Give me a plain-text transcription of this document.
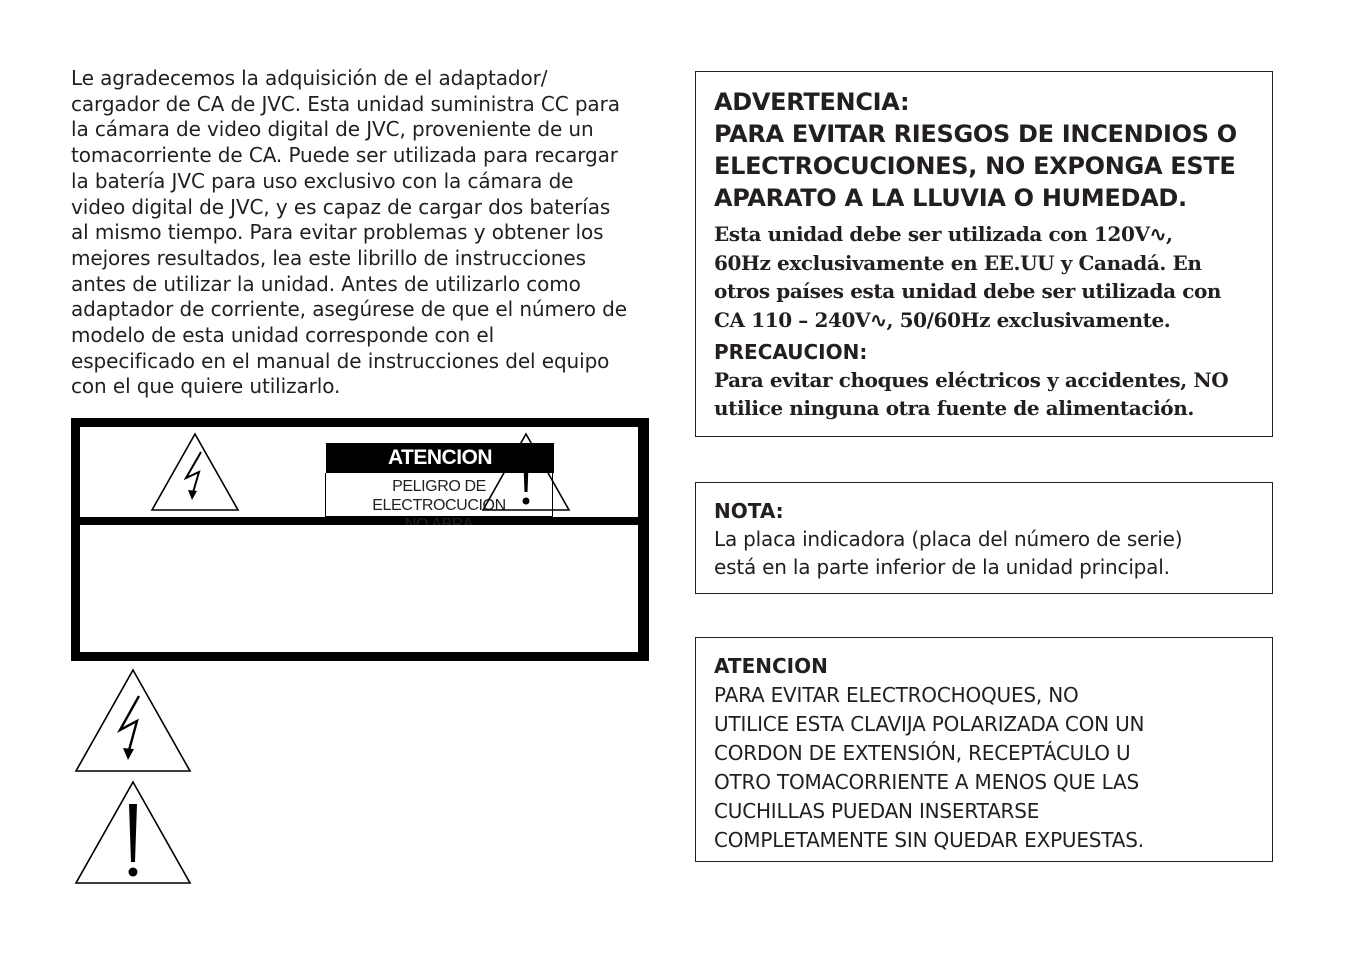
Le agradecemos la adquisición de el adaptador/
cargador de CA de JVC. Esta unidad suministra CC para
la cámara de video digital de JVC, proveniente de un
tomacorriente de CA. Puede ser utilizada para recargar
la batería JVC para uso exclusivo con la cámara de
video digital de JVC, y es capaz de cargar dos baterías
al mismo tiempo. Para evitar problemas y obtener los
mejores resultados, lea este librillo de instrucciones
antes de utilizar la unidad. Antes de utilizarlo como
adaptador de corriente, asegúrese de que el número de
modelo de esta unidad corresponde con el
especificado en el manual de instrucciones del equipo
con el que quiere utilizarlo.
ATENCION
PELIGRO DE ELECTROCUCION
ADVERTENCIA:
PARA EVITAR RIESGOS DE INCENDIOS O
ELECTROCUCIONES, NO EXPONGA ESTE
APARATO A LA LLUVIA O HUMEDAD.
Esta unidad debe ser utilizada con 120V∿,
60Hz exclusivamente en EE.UU y Canadá. En
otros países esta unidad debe ser utilizada con
CA 110 – 240V∿, 50/60Hz exclusivamente.
PRECAUCION:
Para evitar choques eléctricos y accidentes, NO
utilice ninguna otra fuente de alimentación.
NOTA:
La placa indicadora (placa del número de serie)
está en la parte inferior de la unidad principal.
ATENCION
PARA EVITAR ELECTROCHOQUES, NO
UTILICE ESTA CLAVIJA POLARIZADA CON UN
CORDON DE EXTENSIÓN, RECEPTÁCULO U
OTRO TOMACORRIENTE A MENOS QUE LAS
CUCHILLAS PUEDAN INSERTARSE
COMPLETAMENTE SIN QUEDAR EXPUESTAS.
